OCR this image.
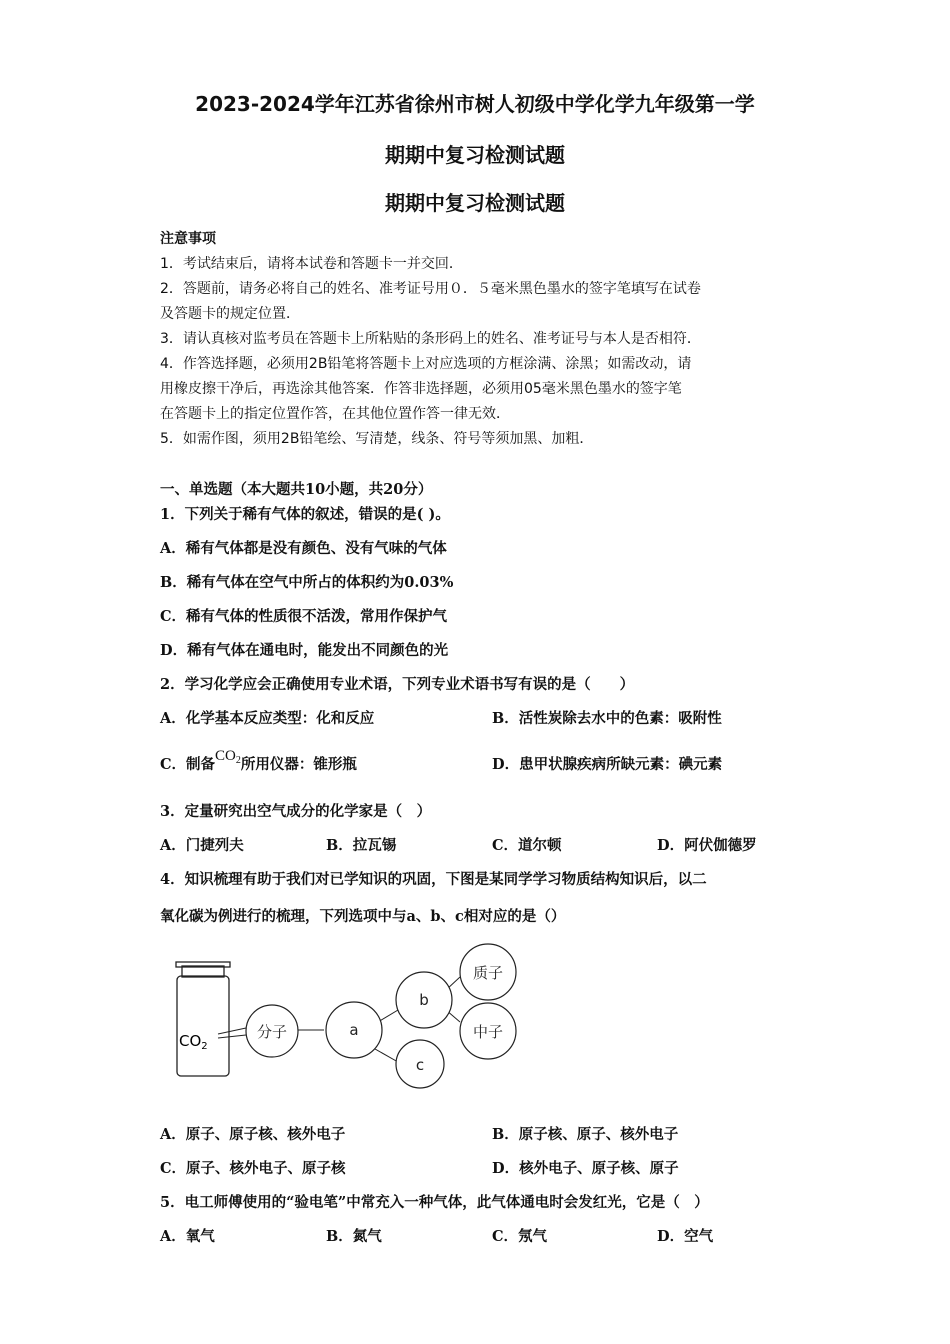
2023-2024学年江苏省徐州市树人初级中学化学九年级第一学
期期中复习检测试题
期期中复习检测试题
注意事项
1．考试结束后，请将本试卷和答题卡一并交回．
2．答题前，请务必将自己的姓名、准考证号用０．５毫米黑色墨水的签字笔填写在试卷
及答题卡的规定位置．
3．请认真核对监考员在答题卡上所粘贴的条形码上的姓名、准考证号与本人是否相符．
4．作答选择题，必须用2B铅笔将答题卡上对应选项的方框涂满、涂黑；如需改动，请
用橡皮擦干净后，再选涂其他答案．作答非选择题，必须用05毫米黑色墨水的签字笔
在答题卡上的指定位置作答，在其他位置作答一律无效．
5．如需作图，须用2B铅笔绘、写清楚，线条、符号等须加黑、加粗．
一、单选题（本大题共10小题，共20分）
1．下列关于稀有气体的叙述，错误的是( )。
A．稀有气体都是没有颜色、没有气味的气体
B．稀有气体在空气中所占的体积约为0.03%
C．稀有气体的性质很不活泼，常用作保护气
D．稀有气体在通电时，能发出不同颜色的光
2．学习化学应会正确使用专业术语，下列专业术语书写有误的是（　　）
A．化学基本反应类型：化和反应	B．活性炭除去水中的色素：吸附性
C．制备$CO_2$所用仪器：锥形瓶	D．患甲状腺疾病所缺元素：碘元素
3．定量研究出空气成分的化学家是（　）
A．门捷列夫	B．拉瓦锡	C．道尔顿	D．阿伏伽德罗
4．知识梳理有助于我们对已学知识的巩固，下图是某同学学习物质结构知识后，以二
氧化碳为例进行的梳理，下列选项中与a、b、c相对应的是（）
$CO_2$
分子	a
b
c
质子
中子
A．原子、原子核、核外电子	B．原子核、原子、核外电子
C．原子、核外电子、原子核	D．核外电子、原子核、原子
5．电工师傅使用的“验电笔”中常充入一种气体，此气体通电时会发红光，它是（　）
A．氧气	B．氮气	C．氖气	D．空气
